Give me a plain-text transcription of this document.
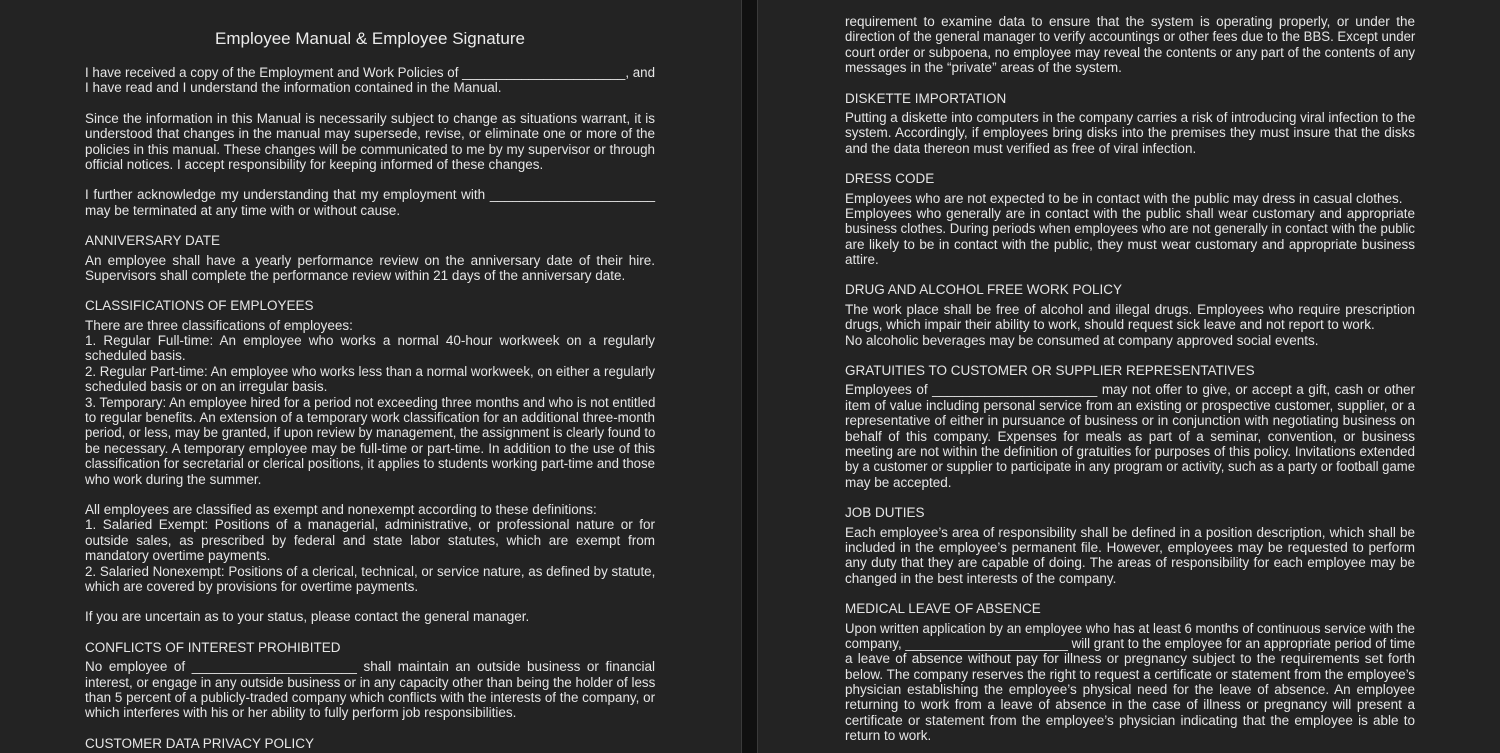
Employee Manual & Employee Signature
I have received a copy of the Employment and Work Policies of ______________________, and
I have read and I understand the information contained in the Manual.
Since the information in this Manual is necessarily subject to change as situations warrant, it is
understood that changes in the manual may supersede, revise, or eliminate one or more of the
policies in this manual. These changes will be communicated to me by my supervisor or through
official notices. I accept responsibility for keeping informed of these changes.
I further acknowledge my understanding that my employment with ______________________
may be terminated at any time with or without cause.
ANNIVERSARY DATE
An employee shall have a yearly performance review on the anniversary date of their hire.
Supervisors shall complete the performance review within 21 days of the anniversary date.
CLASSIFICATIONS OF EMPLOYEES
There are three classifications of employees:
1. Regular Full-time: An employee who works a normal 40-hour workweek on a regularly
scheduled basis.
2. Regular Part-time: An employee who works less than a normal workweek, on either a regularly
scheduled basis or on an irregular basis.
3. Temporary: An employee hired for a period not exceeding three months and who is not entitled
to regular benefits. An extension of a temporary work classification for an additional three-month
period, or less, may be granted, if upon review by management, the assignment is clearly found to
be necessary. A temporary employee may be full-time or part-time. In addition to the use of this
classification for secretarial or clerical positions, it applies to students working part-time and those
who work during the summer.
All employees are classified as exempt and nonexempt according to these definitions:
1. Salaried Exempt: Positions of a managerial, administrative, or professional nature or for
outside sales, as prescribed by federal and state labor statutes, which are exempt from
mandatory overtime payments.
2. Salaried Nonexempt: Positions of a clerical, technical, or service nature, as defined by statute,
which are covered by provisions for overtime payments.
If you are uncertain as to your status, please contact the general manager.
CONFLICTS OF INTEREST PROHIBITED
No employee of ______________________ shall maintain an outside business or financial
interest, or engage in any outside business or in any capacity other than being the holder of less
than 5 percent of a publicly-traded company which conflicts with the interests of the company, or
which interferes with his or her ability to fully perform job responsibilities.
CUSTOMER DATA PRIVACY POLICY
requirement to examine data to ensure that the system is operating properly, or under the
direction of the general manager to verify accountings or other fees due to the BBS. Except under
court order or subpoena, no employee may reveal the contents or any part of the contents of any
messages in the “private” areas of the system.
DISKETTE IMPORTATION
Putting a diskette into computers in the company carries a risk of introducing viral infection to the
system. Accordingly, if employees bring disks into the premises they must insure that the disks
and the data thereon must verified as free of viral infection.
DRESS CODE
Employees who are not expected to be in contact with the public may dress in casual clothes.
Employees who generally are in contact with the public shall wear customary and appropriate
business clothes. During periods when employees who are not generally in contact with the public
are likely to be in contact with the public, they must wear customary and appropriate business
attire.
DRUG AND ALCOHOL FREE WORK POLICY
The work place shall be free of alcohol and illegal drugs. Employees who require prescription
drugs, which impair their ability to work, should request sick leave and not report to work.
No alcoholic beverages may be consumed at company approved social events.
GRATUITIES TO CUSTOMER OR SUPPLIER REPRESENTATIVES
Employees of ______________________ may not offer to give, or accept a gift, cash or other
item of value including personal service from an existing or prospective customer, supplier, or a
representative of either in pursuance of business or in conjunction with negotiating business on
behalf of this company. Expenses for meals as part of a seminar, convention, or business
meeting are not within the definition of gratuities for purposes of this policy. Invitations extended
by a customer or supplier to participate in any program or activity, such as a party or football game
may be accepted.
JOB DUTIES
Each employee’s area of responsibility shall be defined in a position description, which shall be
included in the employee’s permanent file. However, employees may be requested to perform
any duty that they are capable of doing. The areas of responsibility for each employee may be
changed in the best interests of the company.
MEDICAL LEAVE OF ABSENCE
Upon written application by an employee who has at least 6 months of continuous service with the
company, ______________________ will grant to the employee for an appropriate period of time
a leave of absence without pay for illness or pregnancy subject to the requirements set forth
below. The company reserves the right to request a certificate or statement from the employee’s
physician establishing the employee’s physical need for the leave of absence. An employee
returning to work from a leave of absence in the case of illness or pregnancy will present a
certificate or statement from the employee’s physician indicating that the employee is able to
return to work.
